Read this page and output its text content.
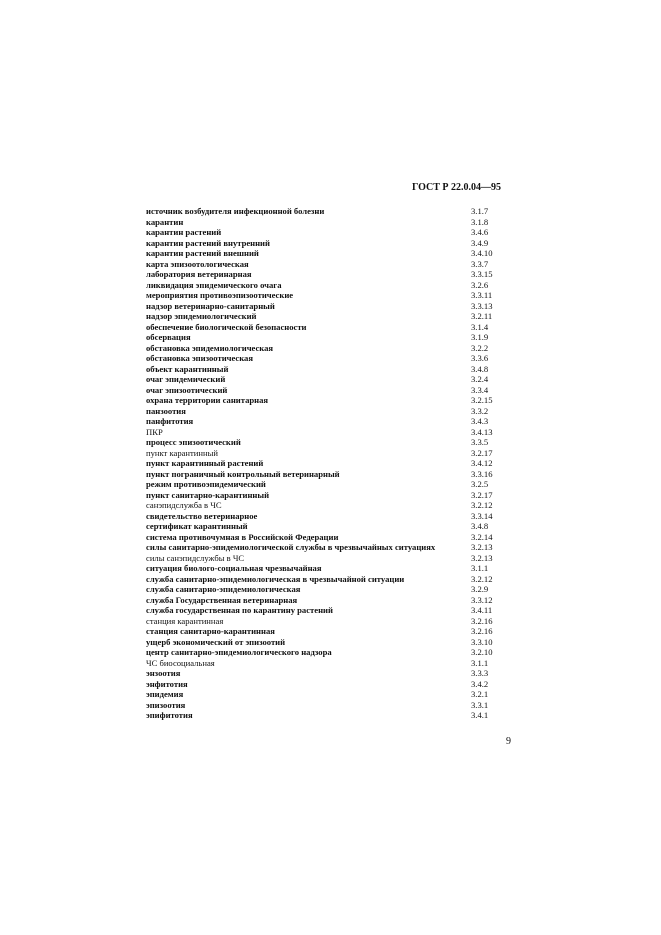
ГОСТ Р 22.0.04—95
источник возбудителя инфекционной болезни	3.1.7
карантин	3.1.8
карантин растений	3.4.6
карантин растений внутренний	3.4.9
карантин растений внешний	3.4.10
карта эпизоотологическая	3.3.7
лаборатория ветеринарная	3.3.15
ликвидация эпидемического очага	3.2.6
мероприятия противоэпизоотические	3.3.11
надзор ветеринарно-санитарный	3.3.13
надзор эпидемиологический	3.2.11
обеспечение биологической безопасности	3.1.4
обсервация	3.1.9
обстановка эпидемиологическая	3.2.2
обстановка эпизоотическая	3.3.6
объект карантинный	3.4.8
очаг эпидемический	3.2.4
очаг эпизоотический	3.3.4
охрана территории санитарная	3.2.15
панзоотия	3.3.2
панфитотия	3.4.3
ПКР	3.4.13
процесс эпизоотический	3.3.5
пункт карантинный	3.2.17
пункт карантинный растений	3.4.12
пункт пограничный контрольный ветеринарный	3.3.16
режим противоэпидемический	3.2.5
пункт санитарно-карантинный	3.2.17
санэпидслужба в ЧС	3.2.12
свидетельство ветеринарное	3.3.14
сертификат карантинный	3.4.8
система противочумная в Российской Федерации	3.2.14
силы санитарно-эпидемиологической службы в чрезвычайных ситуациях	3.2.13
силы санэпидслужбы в ЧС	3.2.13
ситуация биолого-социальная чрезвычайная	3.1.1
служба санитарно-эпидемиологическая в чрезвычайной ситуации	3.2.12
служба санитарно-эпидемиологическая	3.2.9
служба Государственная ветеринарная	3.3.12
служба государственная по карантину растений	3.4.11
станция карантинная	3.2.16
станция санитарно-карантинная	3.2.16
ущерб экономический от эпизоотий	3.3.10
центр санитарно-эпидемиологического надзора	3.2.10
ЧС биосоциальная	3.1.1
энзоотия	3.3.3
энфитотия	3.4.2
эпидемия	3.2.1
эпизоотия	3.3.1
эпифитотия	3.4.1
9
